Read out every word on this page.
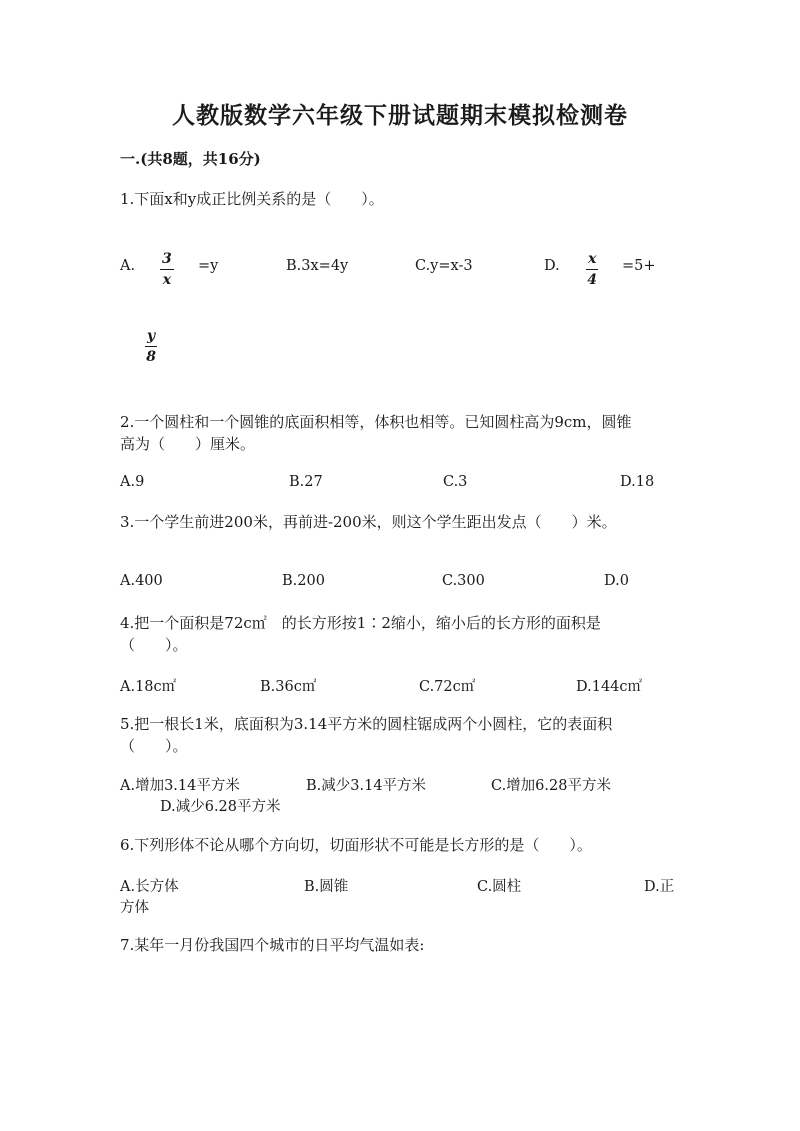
人教版数学六年级下册试题期末模拟检测卷
一.(共8题，共16分)
1.下面x和y成正比例关系的是（　　）。
A. $\frac{3}{x} =y$	B.3x=4y	C.y=x-3	D. $\frac{x}{4} =5+$
$\frac{y}{8}$
2.一个圆柱和一个圆锥的底面积相等，体积也相等。已知圆柱高为9cm，圆锥
高为（　　）厘米。
A.9	B.27	C.3	D.18
3.一个学生前进200米，再前进-200米，则这个学生距出发点（　　）米。
A.400	B.200	C.300	D.0
4.把一个面积是72c㎡　的长方形按1∶2缩小，缩小后的长方形的面积是
（　　）。
A.18c㎡	B.36c㎡	C.72c㎡	D.144c㎡
5.把一根长1米，底面积为3.14平方米的圆柱锯成两个小圆柱，它的表面积
（　　）。
A.增加3.14平方米	B.减少3.14平方米	C.增加6.28平方米
D.减少6.28平方米
6.下列形体不论从哪个方向切，切面形状不可能是长方形的是（　　）。
A.长方体	B.圆锥	C.圆柱	D.正
方体
7.某年一月份我国四个城市的日平均气温如表:
